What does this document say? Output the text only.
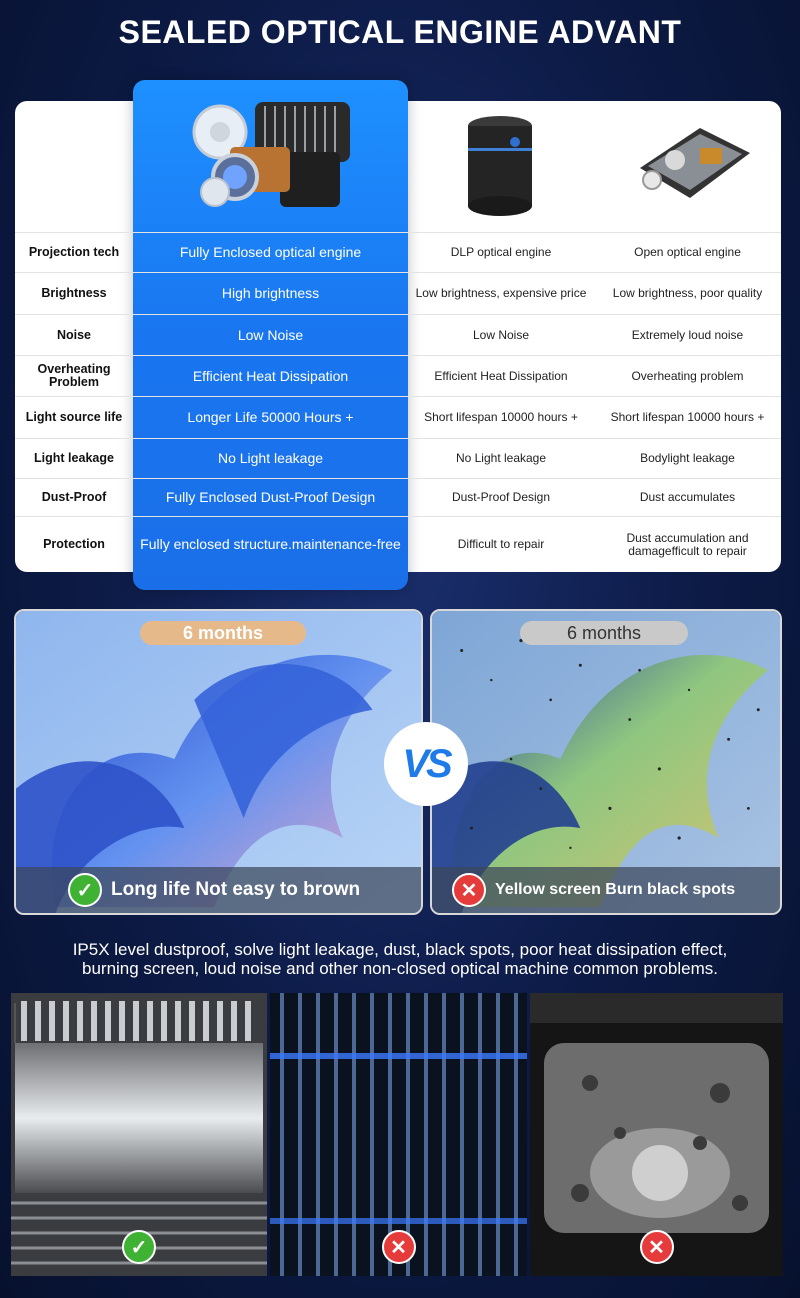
SEALED OPTICAL ENGINE ADVANT
Projection tech	Fully Enclosed optical engine	DLP optical engine	Open optical engine
Brightness	High brightness	Low brightness, expensive price	Low brightness, poor quality
Noise	Low Noise	Low Noise	Extremely loud noise
Overheating Problem	Efficient Heat Dissipation	Efficient Heat Dissipation	Overheating problem
Light source life	Longer Life 50000 Hours +	Short lifespan 10000 hours +	Short lifespan 10000 hours +
Light leakage	No Light leakage	No Light leakage	Bodylight leakage
Dust-Proof	Fully Enclosed Dust-Proof Design	Dust-Proof Design	Dust accumulates
Protection	Fully enclosed structure.maintenance-free	Difficult to repair	Dust accumulation and damagefficult to repair
6 months
✓ Long life Not easy to brown
6 months
✕	Yellow screen Burn black spots
VS
IP5X level dustproof, solve light leakage, dust, black spots, poor heat dissipation effect,
burning screen, loud noise and other non-closed optical machine common problems.
✓	✕	✕
